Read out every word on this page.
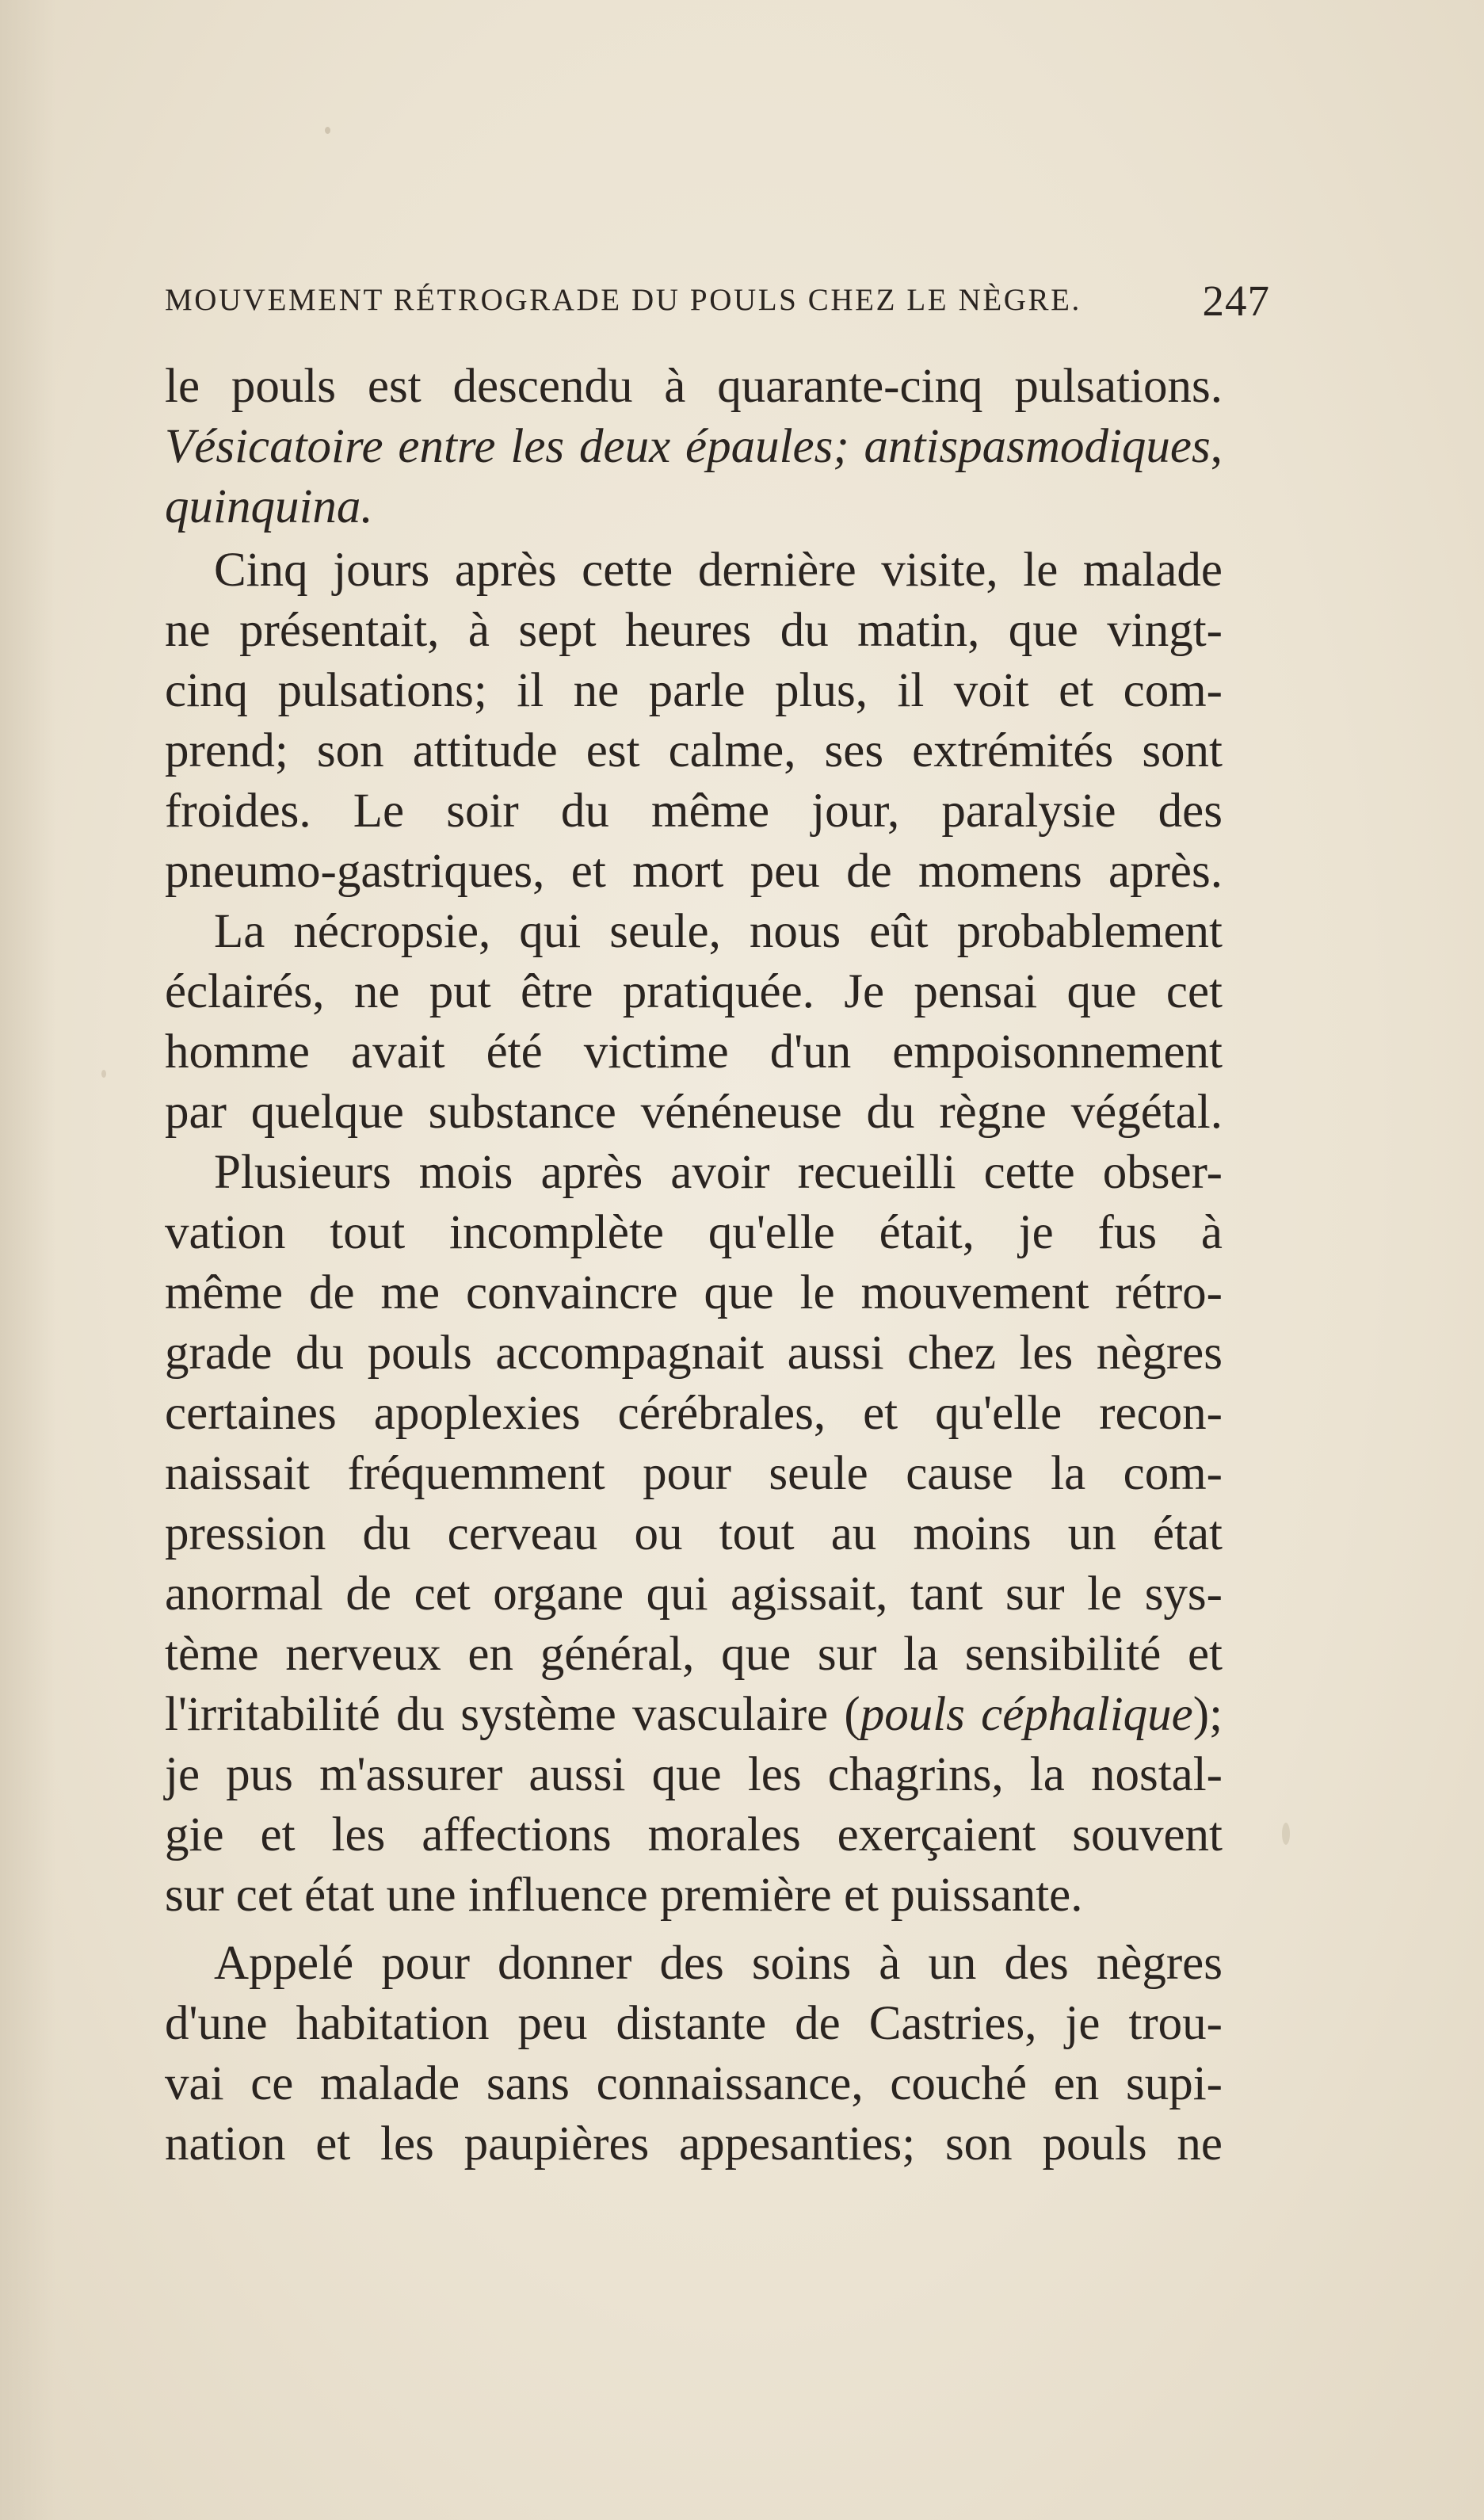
MOUVEMENT RÉTROGRADE DU POULS CHEZ LE NÈGRE.	247
le pouls est descendu à quarante-cinq pulsations.
Vésicatoire entre les deux épaules; antispasmodiques,
quinquina.
Cinq jours après cette dernière visite, le malade
ne présentait, à sept heures du matin, que vingt-
cinq pulsations; il ne parle plus, il voit et com-
prend; son attitude est calme, ses extrémités sont
froides. Le soir du même jour, paralysie des
pneumo-gastriques, et mort peu de momens après.
La nécropsie, qui seule, nous eût probablement
éclairés, ne put être pratiquée. Je pensai que cet
homme avait été victime d'un empoisonnement
par quelque substance vénéneuse du règne végétal.
Plusieurs mois après avoir recueilli cette obser-
vation tout incomplète qu'elle était, je fus à
même de me convaincre que le mouvement rétro-
grade du pouls accompagnait aussi chez les nègres
certaines apoplexies cérébrales, et qu'elle recon-
naissait fréquemment pour seule cause la com-
pression du cerveau ou tout au moins un état
anormal de cet organe qui agissait, tant sur le sys-
tème nerveux en général, que sur la sensibilité et
l'irritabilité du système vasculaire (pouls céphalique);
je pus m'assurer aussi que les chagrins, la nostal-
gie et les affections morales exerçaient souvent
sur cet état une influence première et puissante.
Appelé pour donner des soins à un des nègres
d'une habitation peu distante de Castries, je trou-
vai ce malade sans connaissance, couché en supi-
nation et les paupières appesanties; son pouls ne
